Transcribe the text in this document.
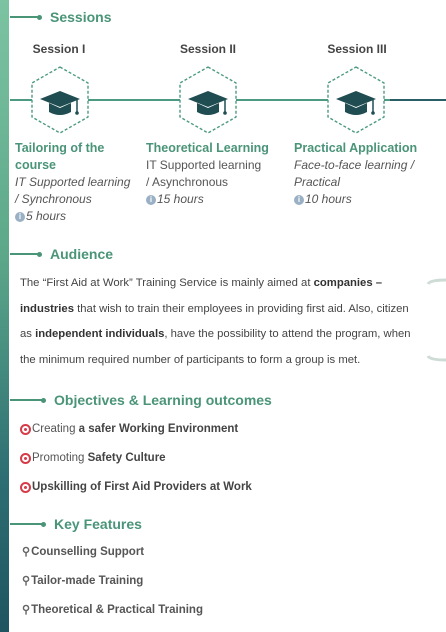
Sessions
Session I
Tailoring of the
course
IT Supported learning
/ Synchronous
i 5 hours
Session II
Theoretical Learning
IT Supported learning
/ Asynchronous
i 15 hours
Session III
Practical Application
Face-to-face learning /
Practical
i 10 hours
Audience
The “First Aid at Work” Training Service is mainly aimed at companies –
industries that wish to train their employees in providing first aid. Also, citizen
as independent individuals, have the possibility to attend the program, when
the minimum required number of participants to form a group is met.
Objectives & Learning outcomes
Creating a safer Working Environment
Promoting Safety Culture
Upskilling of First Aid Providers at Work
Key Features
⚲ Counselling Support
⚲ Tailor-made Training
⚲ Theoretical & Practical Training
